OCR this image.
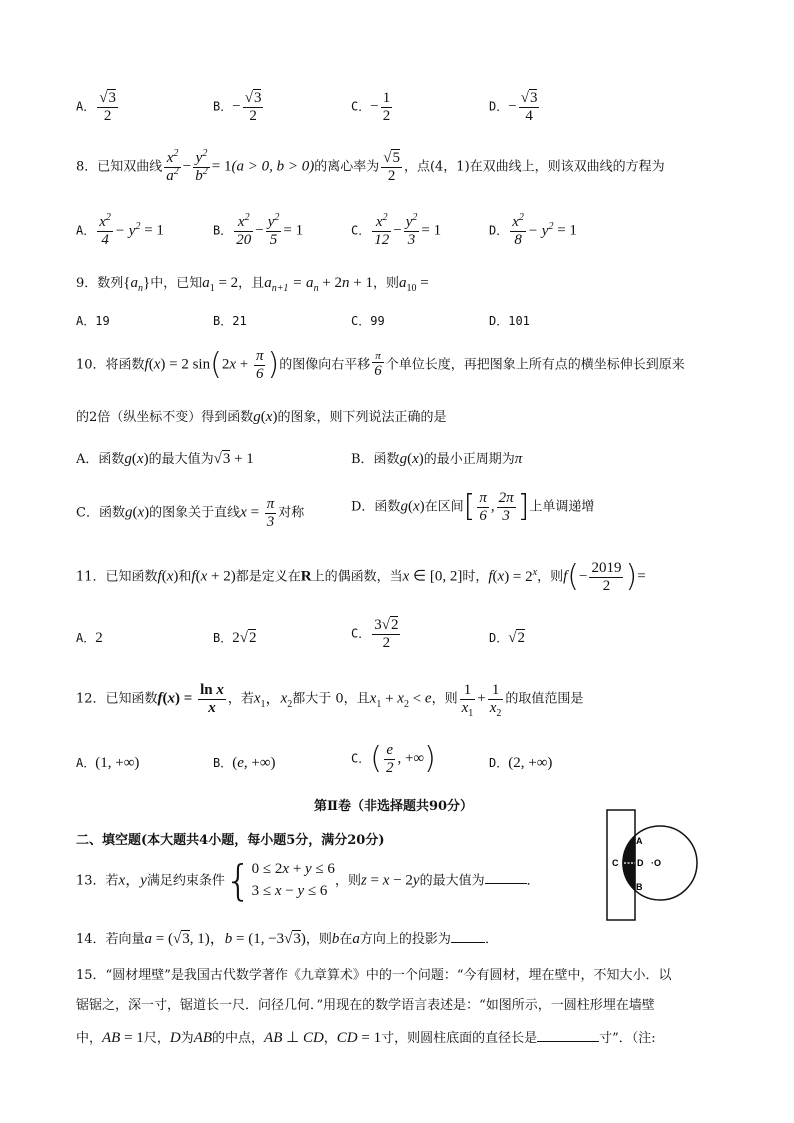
A． $\frac{√3}{2}$	B．− $\frac{√3}{2}$	C．− $\frac{1}{2}$	D．− $\frac{√3}{4}$
8．已知双曲线 $\frac{x^2}{a^2} - \frac{y^2}{b^2} = 1(a > 0$, b > 0)的离心率为 $\frac{√5}{2}$ ，点(4，1)在双曲线上，则该双曲线的方程为
A． $\frac{x^2}{4} - y^2 = 1$	B． $\frac{x^2}{20} - \frac{y^2}{5} = 1$	C． $\frac{x^2}{12} - \frac{y^2}{3} = 1$	D． $\frac{x^2}{8} - y^2 = 1$
9．数列$\{a_n\}$中，已知$a_1 = 2$，且$a_{n+1} = a_n + 2n + 1$，则$a_{10}$ =
A．19	B．21	C．99	D．101
10．将函数f(x) = 2 $\sin(2x + \frac{\pi}{6}$ )的图像向右平移 $\frac{\pi}{6}$ 个单位长度，再把图象上所有点的横坐标伸长到原来
的2倍（纵坐标不变）得到函数g(x)的图象，则下列说法正确的是
A．函数g(x)的最大值为√3 + 1	B．函数g(x)的最小正周期为π
C．函数g(x)的图象关于直线$x = \frac{\pi}{3}$ 对称	D．函数g(x)在区间[ $\frac{\pi}{6}$ , $\frac{2\pi}{3}$ ]上单调递增
11．已知函数f(x)和f(x + 2)都是定义在R上的偶函数，当x ∈ [0, 2]时，$f(x) = 2^x$，则$f(- \frac{2019}{2}$ )=
A．2	B．2√2	C． $\frac{3√2}{2}$	D．√2
12．已知函数$f(x) = \frac{\text{ln x}}{x}$ ，若$x_1$，$x_2$都大于 0，且$x_1 + x_2 < e$，则 $\frac{1}{x_1} + \frac{1}{x_2}$ 的取值范围是
A．(1, +∞)	B．(e, +∞)	C．( $\frac{e}{2}$ , +∞)	D．(2, +∞)
第Ⅱ卷（非选择题共90分）
二、填空题(本大题共4小题，每小题5分，满分20分)
13．若x，y满足约束条件{ 0 ≤ 2x + y ≤ 6
3 ≤ x − y ≤ 6
，则z = x − 2y的最大值为	．
14．若向量a = (√3, 1)，b = (1, −3√3)，则b在a方向上的投影为	．
15．“圆材埋壁”是我国古代数学著作《九章算术》中的一个问题：“今有圆材，埋在壁中，不知大小．以
锯锯之，深一寸，锯道长一尺．问径几何．”用现在的数学语言表述是：“如图所示，一圆柱形埋在墙壁
中，AB = 1尺，D为AB的中点，AB ⊥ CD，CD = 1寸，则圆柱底面的直径长是	寸”．（注:
A
C D ·O
B
